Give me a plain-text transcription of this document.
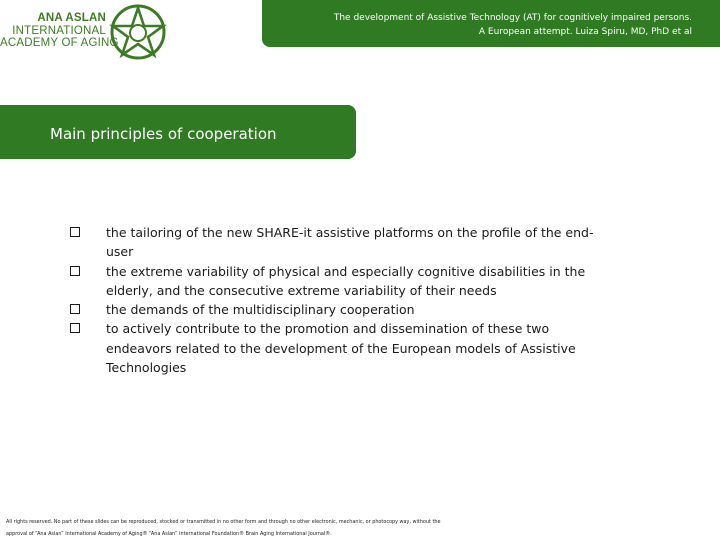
ANA ASLAN
INTERNATIONAL
ACADEMY OF AGING
The development of Assistive Technology (AT) for cognitively impaired persons.
A European attempt. Luiza Spiru, MD, PhD et al
Main principles of cooperation
the tailoring of the new SHARE-it assistive platforms on the profile of the end-user
the extreme variability of physical and especially cognitive disabilities in the elderly, and the consecutive extreme variability of their needs
the demands of the multidisciplinary cooperation
to actively contribute to the promotion and dissemination of these two endeavors related to the development of the European models of Assistive Technologies
All rights reserved. No part of these slides can be reproduced, stocked or transmitted in no other form and through no other electronic, mechanic, or photocopy way, without the
approval of “Ana Aslan” International Academy of Aging® “Ana Aslan” International Foundation® Brain Aging International Journal®.
